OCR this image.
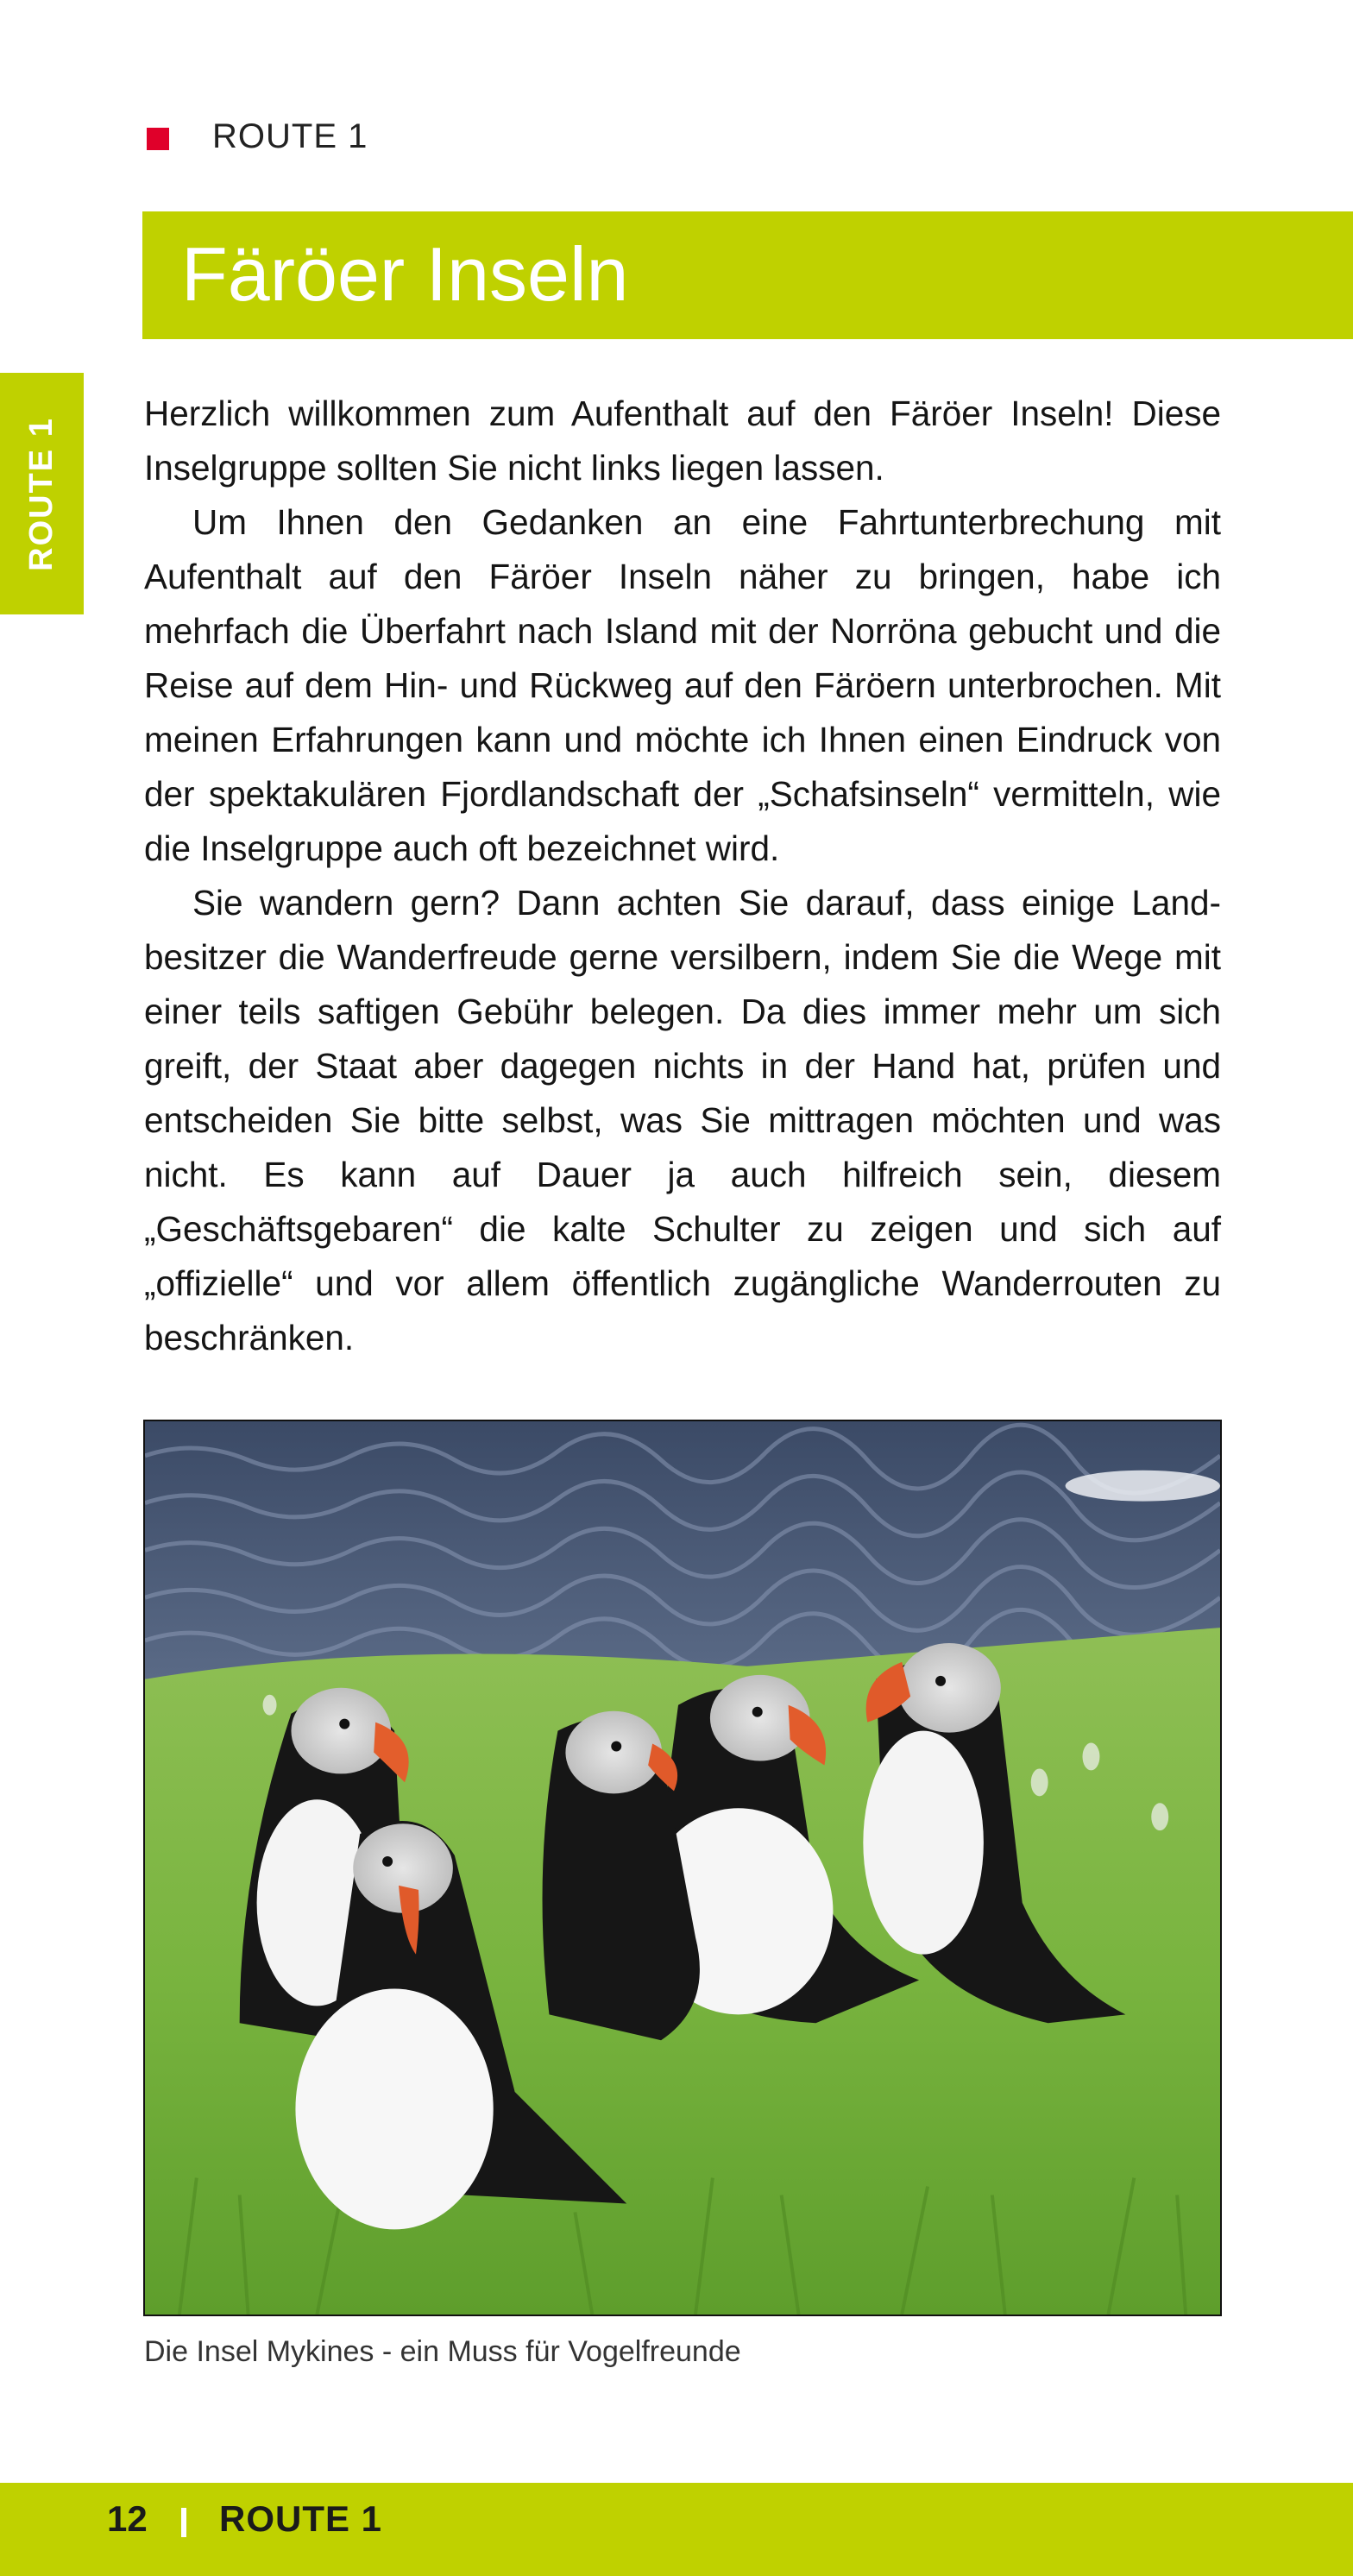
ROUTE 1
Färöer Inseln
ROUTE 1

Herzlich willkommen zum Aufenthalt auf den Färöer Inseln! Diese Inselgruppe sollten Sie nicht links liegen lassen.

Um Ihnen den Gedanken an eine Fahrtunterbrechung mit Aufenthalt auf den Färöer Inseln näher zu bringen, habe ich mehrfach die Überfahrt nach Island mit der Norröna gebucht und die Reise auf dem Hin- und Rückweg auf den Färöern unterbrochen. Mit meinen Erfahrungen kann und möchte ich Ihnen einen Eindruck von der spektakulären Fjordlandschaft der „Schafsinseln“ vermitteln, wie die Inselgruppe auch oft bezeichnet wird.

Sie wandern gern? Dann achten Sie darauf, dass einige Landbesitzer die Wanderfreude gerne versilbern, indem Sie die Wege mit einer teils saftigen Gebühr belegen. Da dies immer mehr um sich greift, der Staat aber dagegen nichts in der Hand hat, prüfen und entscheiden Sie bitte selbst, was Sie mittragen möchten und was nicht. Es kann auf Dauer ja auch hilfreich sein, diesem „Geschäftsgebaren“ die kalte Schulter zu zeigen und sich auf „offizielle“ und vor allem öffentlich zugängliche Wanderrouten zu beschränken.

Die Insel Mykines - ein Muss für Vogelfreunde
12 ROUTE 1
